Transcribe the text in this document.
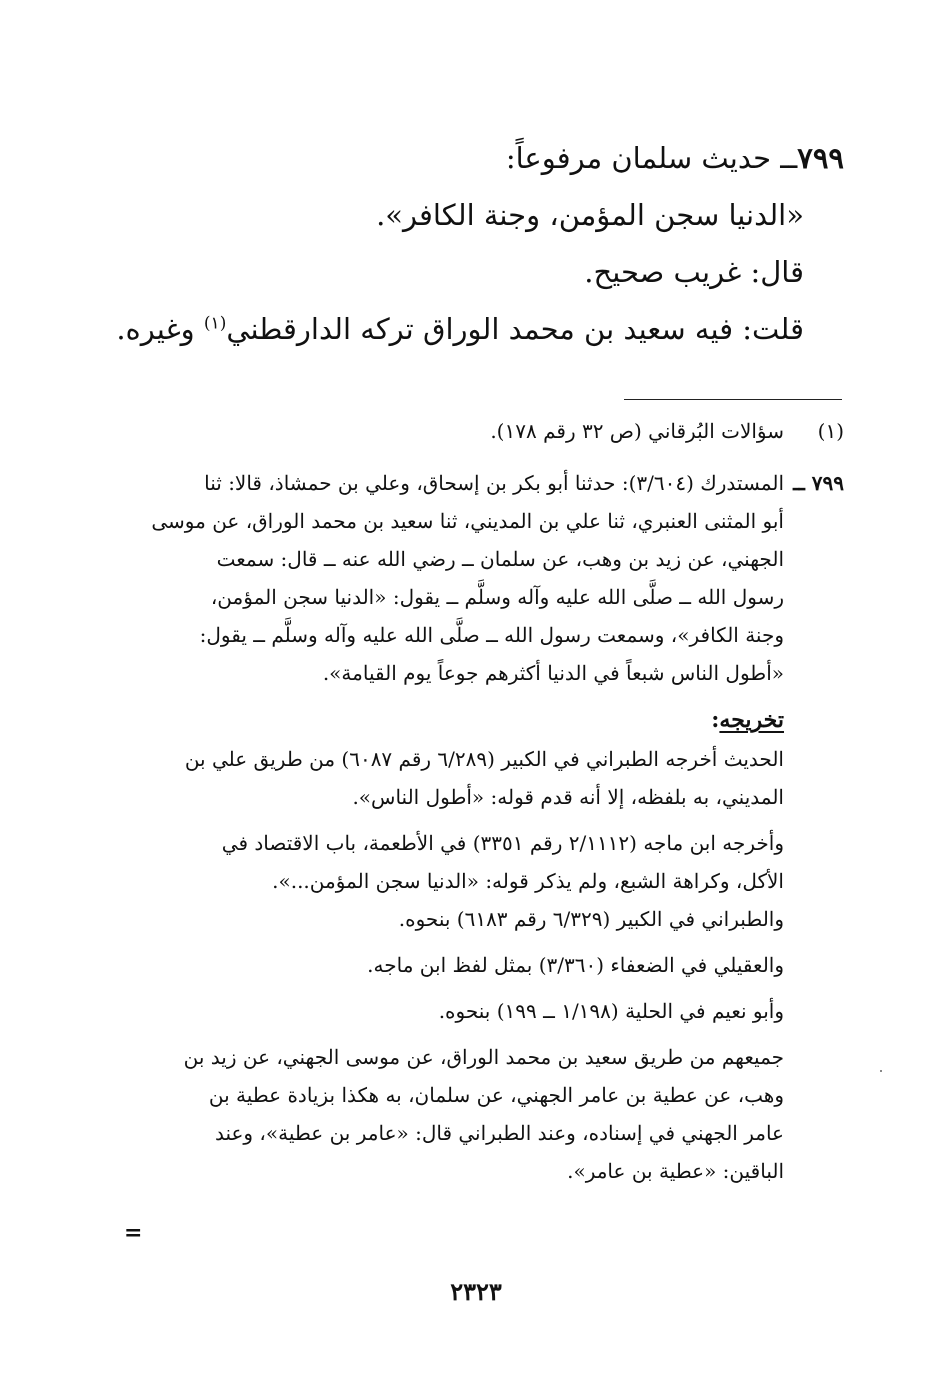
٧٩٩ــ حديث سلمان مرفوعاً:
«الدنيا سجن المؤمن، وجنة الكافر».
قال: غريب صحيح.
قلت: فيه سعيد بن محمد الوراق تركه الدارقطني$^{(١)}$ وغيره.
(١)
سؤالات البُرقاني (ص ٣٢ رقم ١٧٨).
٧٩٩ ــ
المستدرك (٣/٦٠٤): حدثنا أبو بكر بن إسحاق، وعلي بن حمشاذ، قالا: ثنا
أبو المثنى العنبري، ثنا علي بن المديني، ثنا سعيد بن محمد الوراق، عن موسى
الجهني، عن زيد بن وهب، عن سلمان ــ رضي الله عنه ــ قال: سمعت
رسول الله ــ صلَّى الله عليه وآله وسلَّم ــ يقول: «الدنيا سجن المؤمن،
وجنة الكافر»، وسمعت رسول الله ــ صلَّى الله عليه وآله وسلَّم ــ يقول:
«أطول الناس شبعاً في الدنيا أكثرهم جوعاً يوم القيامة».
تخريجه:
الحديث أخرجه الطبراني في الكبير (٦/٢٨٩ رقم ٦٠٨٧) من طريق علي بن
المديني، به بلفظه، إلا أنه قدم قوله: «أطول الناس».
وأخرجه ابن ماجه (٢/١١١٢ رقم ٣٣٥١) في الأطعمة، باب الاقتصاد في
الأكل، وكراهة الشبع، ولم يذكر قوله: «الدنيا سجن المؤمن...».
والطبراني في الكبير (٦/٣٢٩ رقم ٦١٨٣) بنحوه.
والعقيلي في الضعفاء (٣/٣٦٠) بمثل لفظ ابن ماجه.
وأبو نعيم في الحلية (١/١٩٨ ــ ١٩٩) بنحوه.
جميعهم من طريق سعيد بن محمد الوراق، عن موسى الجهني، عن زيد بن
وهب، عن عطية بن عامر الجهني، عن سلمان، به هكذا بزيادة عطية بن
عامر الجهني في إسناده، وعند الطبراني قال: «عامر بن عطية»، وعند
الباقين: «عطية بن عامر».
=
٢٣٢٣
